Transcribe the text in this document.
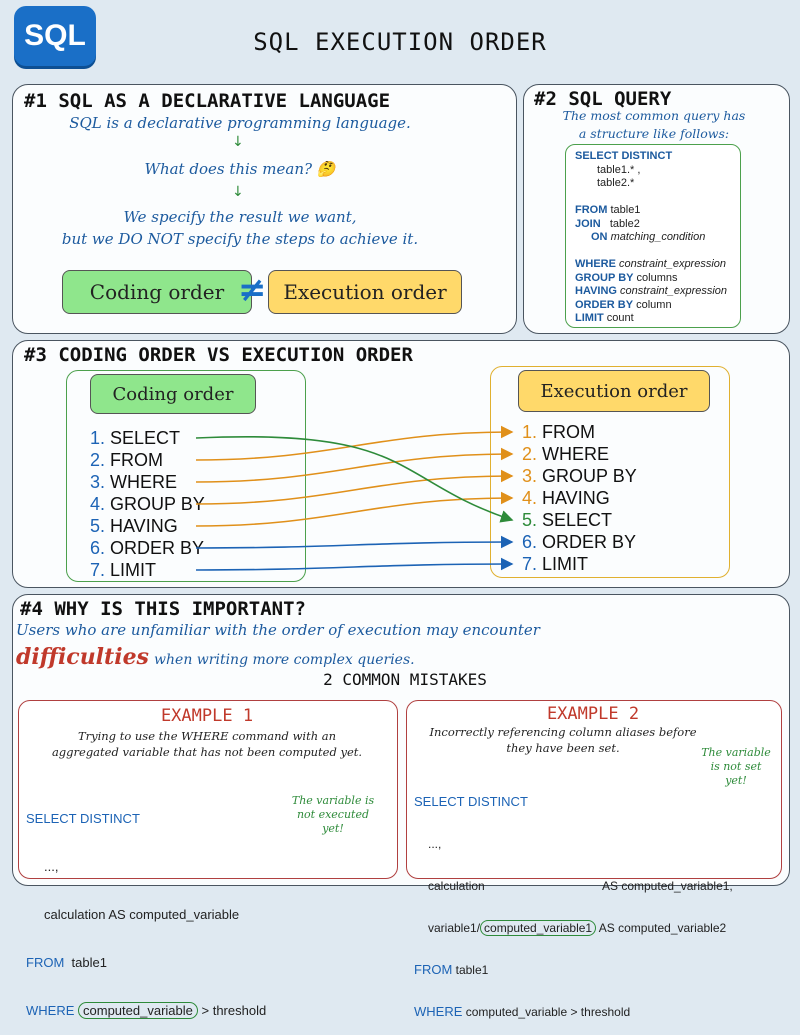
SQL	SQL EXECUTION ORDER
#1 SQL AS A DECLARATIVE LANGUAGE
SQL is a declarative programming language.
↓
What does this mean? 🤔
↓
We specify the result we want,
but we DO NOT specify the steps to achieve it.
Coding order	Execution order
≠
#2 SQL QUERY
The most common query has
a structure like follows:
SELECT DISTINCT
table1.* ,
table2.*

FROM table1
JOIN table2
ON matching_condition

WHERE constraint_expression
GROUP BY columns
HAVING constraint_expression
ORDER BY column
LIMIT count
#3 CODING ORDER VS EXECUTION ORDER
Coding order	Execution order
1. SELECT
2. FROM
3. WHERE
4. GROUP BY
5. HAVING
6. ORDER BY
7. LIMIT
1. FROM
2. WHERE
3. GROUP BY
4. HAVING
5. SELECT
6. ORDER BY
7. LIMIT
#4 WHY IS THIS IMPORTANT?
Users who are unfamiliar with the order of execution may encounter
difficulties when writing more complex queries.
2 COMMON MISTAKES
EXAMPLE 1
Trying to use the WHERE command with an
aggregated variable that has not been computed yet.

SELECT DISTINCT

...,

calculation AS computed_variable

FROM table1

WHERE computed_variable > threshold

The variable is not executed yet!
EXAMPLE 2
Incorrectly referencing column aliases before
they have been set.	The variable is not set yet!

SELECT DISTINCT

...,

calculation	AS computed_variable1,

variable1/ computed_variable1 AS computed_variable2

FROM table1

WHERE computed_variable > threshold
